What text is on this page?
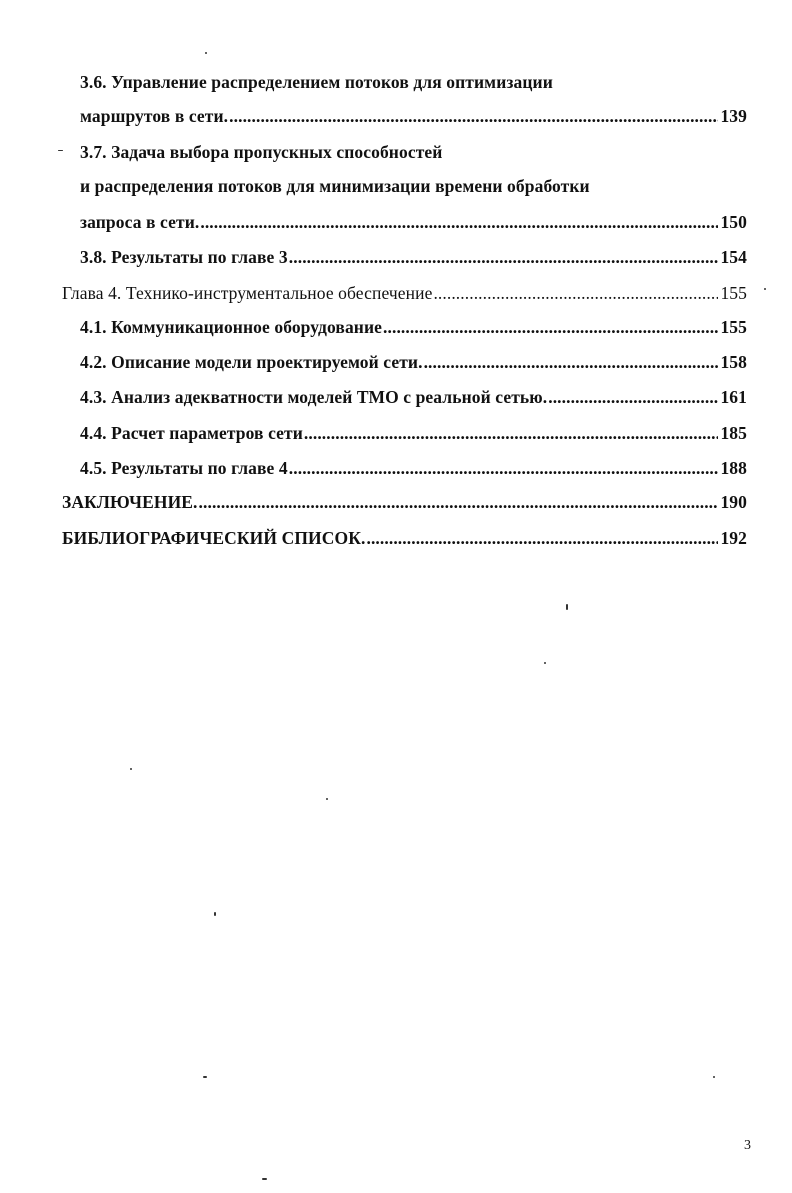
3.6. Управление распределением потоков для оптимизации
маршрутов в сети. .....	139
3.7. Задача выбора пропускных способностей
и распределения потоков для минимизации времени обработки
запроса в сети. .....	150
3.8. Результаты по главе 3 .....	154
Глава 4. Технико-инструментальное обеспечение .....	155
4.1. Коммуникационное оборудование .....	155
4.2. Описание модели проектируемой сети. .....	158
4.3. Анализ адекватности моделей ТМО с реальной сетью. .....	161
4.4. Расчет параметров сети .....	185
4.5. Результаты по главе 4 .....	188
ЗАКЛЮЧЕНИЕ. .....	190
БИБЛИОГРАФИЧЕСКИЙ СПИСОК. .....	192
3
